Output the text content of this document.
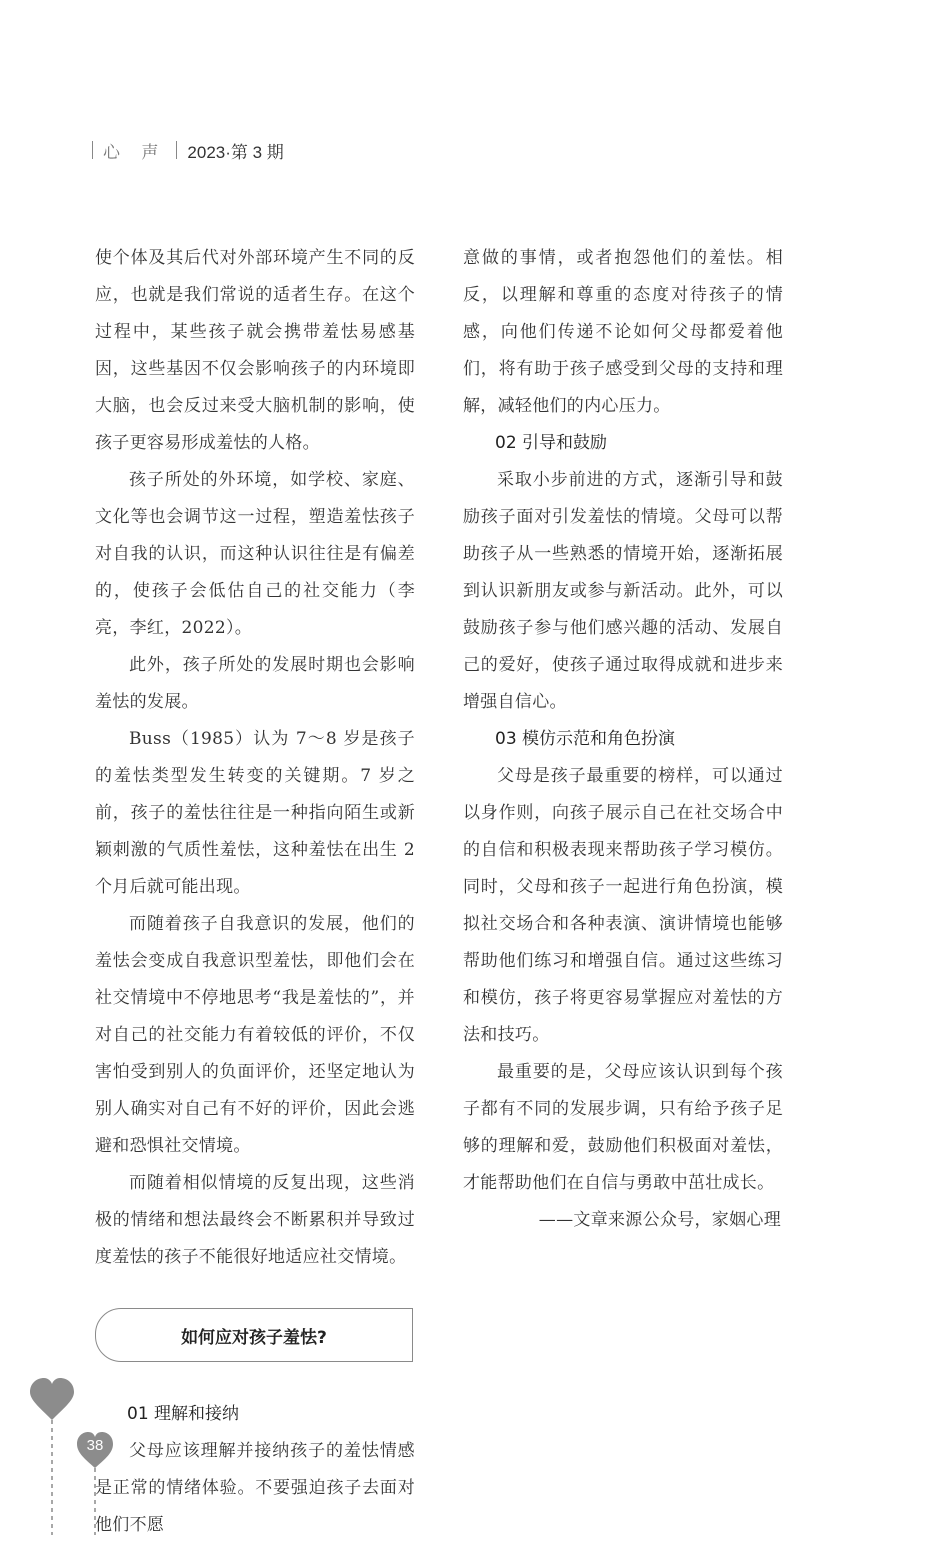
心 声 2023·第 3 期

使个体及其后代对外部环境产生不同的反应，也就是我们常说的适者生存。在这个过程中，某些孩子就会携带羞怯易感基因，这些基因不仅会影响孩子的内环境即大脑，也会反过来受大脑机制的影响，使孩子更容易形成羞怯的人格。

孩子所处的外环境，如学校、家庭、文化等也会调节这一过程，塑造羞怯孩子对自我的认识，而这种认识往往是有偏差的，使孩子会低估自己的社交能力（李亮，李红，2022）。

此外，孩子所处的发展时期也会影响羞怯的发展。

Buss（1985）认为 7～8 岁是孩子的羞怯类型发生转变的关键期。7 岁之前，孩子的羞怯往往是一种指向陌生或新颖刺激的气质性羞怯，这种羞怯在出生 2 个月后就可能出现。

而随着孩子自我意识的发展，他们的羞怯会变成自我意识型羞怯，即他们会在社交情境中不停地思考“我是羞怯的”，并对自己的社交能力有着较低的评价，不仅害怕受到别人的负面评价，还坚定地认为别人确实对自己有不好的评价，因此会逃避和恐惧社交情境。

而随着相似情境的反复出现，这些消极的情绪和想法最终会不断累积并导致过度羞怯的孩子不能很好地适应社交情境。

如何应对孩子羞怯?
01 理解和接纳

父母应该理解并接纳孩子的羞怯情感是正常的情绪体验。不要强迫孩子去面对他们不愿

意做的事情，或者抱怨他们的羞怯。相反，以理解和尊重的态度对待孩子的情感，向他们传递不论如何父母都爱着他们，将有助于孩子感受到父母的支持和理解，减轻他们的内心压力。

02 引导和鼓励

采取小步前进的方式，逐渐引导和鼓励孩子面对引发羞怯的情境。父母可以帮助孩子从一些熟悉的情境开始，逐渐拓展到认识新朋友或参与新活动。此外，可以鼓励孩子参与他们感兴趣的活动、发展自己的爱好，使孩子通过取得成就和进步来增强自信心。

03 模仿示范和角色扮演

父母是孩子最重要的榜样，可以通过以身作则，向孩子展示自己在社交场合中的自信和积极表现来帮助孩子学习模仿。同时，父母和孩子一起进行角色扮演，模拟社交场合和各种表演、演讲情境也能够帮助他们练习和增强自信。通过这些练习和模仿，孩子将更容易掌握应对羞怯的方法和技巧。

最重要的是，父母应该认识到每个孩子都有不同的发展步调，只有给予孩子足够的理解和爱，鼓励他们积极面对羞怯，才能帮助他们在自信与勇敢中茁壮成长。

——文章来源公众号，家姻心理

38
